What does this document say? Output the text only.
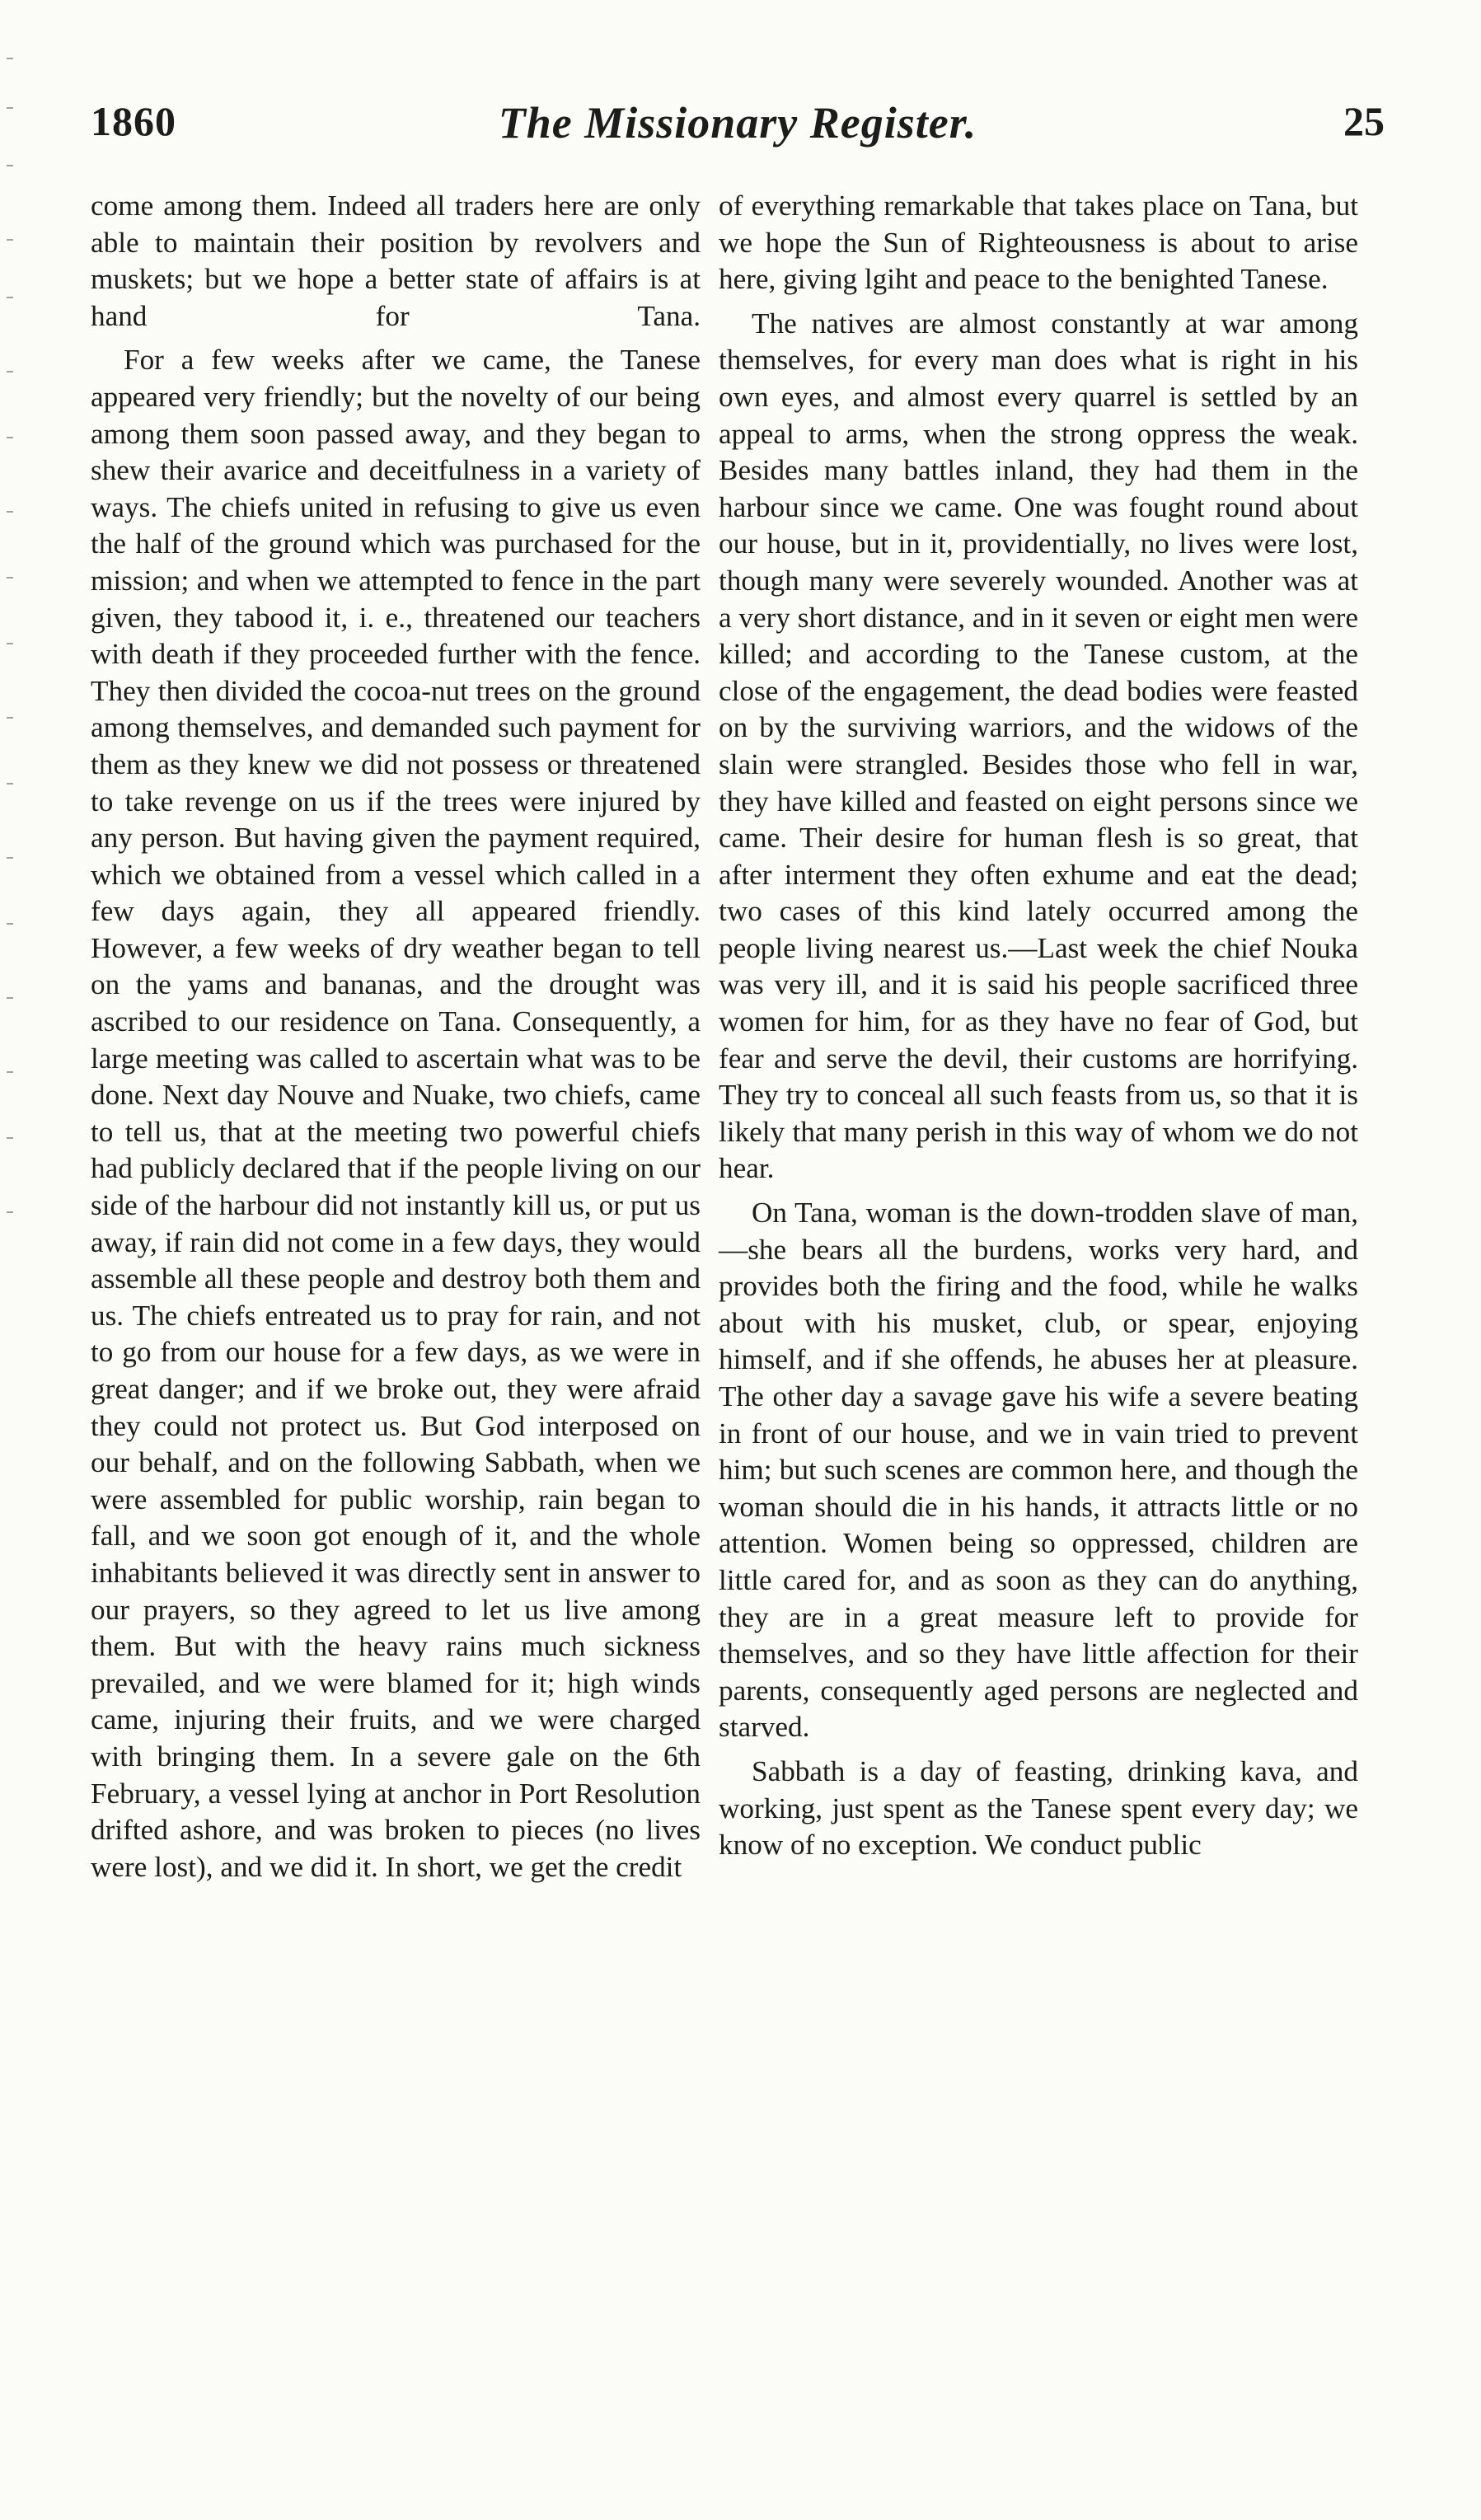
1860	The Missionary Register.	25

come among them. Indeed all traders here are only able to maintain their position by revolvers and muskets; but we hope a better state of affairs is at hand for Tana.

For a few weeks after we came, the Tanese appeared very friendly; but the novelty of our being among them soon passed away, and they began to shew their avarice and deceitfulness in a variety of ways. The chiefs united in refusing to give us even the half of the ground which was purchased for the mission; and when we attempted to fence in the part given, they tabood it, i. e., threatened our teachers with death if they proceeded further with the fence. They then divided the cocoa-nut trees on the ground among themselves, and demanded such payment for them as they knew we did not possess or threatened to take revenge on us if the trees were injured by any person. But having given the payment required, which we obtained from a vessel which called in a few days again, they all appeared friendly. However, a few weeks of dry weather began to tell on the yams and bananas, and the drought was ascribed to our residence on Tana. Consequently, a large meeting was called to ascertain what was to be done. Next day Nouve and Nuake, two chiefs, came to tell us, that at the meeting two powerful chiefs had publicly declared that if the people living on our side of the harbour did not instantly kill us, or put us away, if rain did not come in a few days, they would assemble all these people and destroy both them and us. The chiefs entreated us to pray for rain, and not to go from our house for a few days, as we were in great danger; and if we broke out, they were afraid they could not protect us. But God interposed on our behalf, and on the following Sabbath, when we were assembled for public worship, rain began to fall, and we soon got enough of it, and the whole inhabitants believed it was directly sent in answer to our prayers, so they agreed to let us live among them. But with the heavy rains much sickness prevailed, and we were blamed for it; high winds came, injuring their fruits, and we were charged with bringing them. In a severe gale on the 6th February, a vessel lying at anchor in Port Resolution drifted ashore, and was broken to pieces (no lives were lost), and we did it. In short, we get the credit

of everything remarkable that takes place on Tana, but we hope the Sun of Righteousness is about to arise here, giving lgiht and peace to the benighted Tanese.

The natives are almost constantly at war among themselves, for every man does what is right in his own eyes, and almost every quarrel is settled by an appeal to arms, when the strong oppress the weak. Besides many battles inland, they had them in the harbour since we came. One was fought round about our house, but in it, providentially, no lives were lost, though many were severely wounded. Another was at a very short distance, and in it seven or eight men were killed; and according to the Tanese custom, at the close of the engagement, the dead bodies were feasted on by the surviving warriors, and the widows of the slain were strangled. Besides those who fell in war, they have killed and feasted on eight persons since we came. Their desire for human flesh is so great, that after interment they often exhume and eat the dead; two cases of this kind lately occurred among the people living nearest us.—Last week the chief Nouka was very ill, and it is said his people sacrificed three women for him, for as they have no fear of God, but fear and serve the devil, their customs are horrifying. They try to conceal all such feasts from us, so that it is likely that many perish in this way of whom we do not hear.

On Tana, woman is the down-trodden slave of man,—she bears all the burdens, works very hard, and provides both the firing and the food, while he walks about with his musket, club, or spear, enjoying himself, and if she offends, he abuses her at pleasure. The other day a savage gave his wife a severe beating in front of our house, and we in vain tried to prevent him; but such scenes are common here, and though the woman should die in his hands, it attracts little or no attention. Women being so oppressed, children are little cared for, and as soon as they can do anything, they are in a great measure left to provide for themselves, and so they have little affection for their parents, consequently aged persons are neglected and starved.

Sabbath is a day of feasting, drinking kava, and working, just spent as the Tanese spent every day; we know of no exception. We conduct public
